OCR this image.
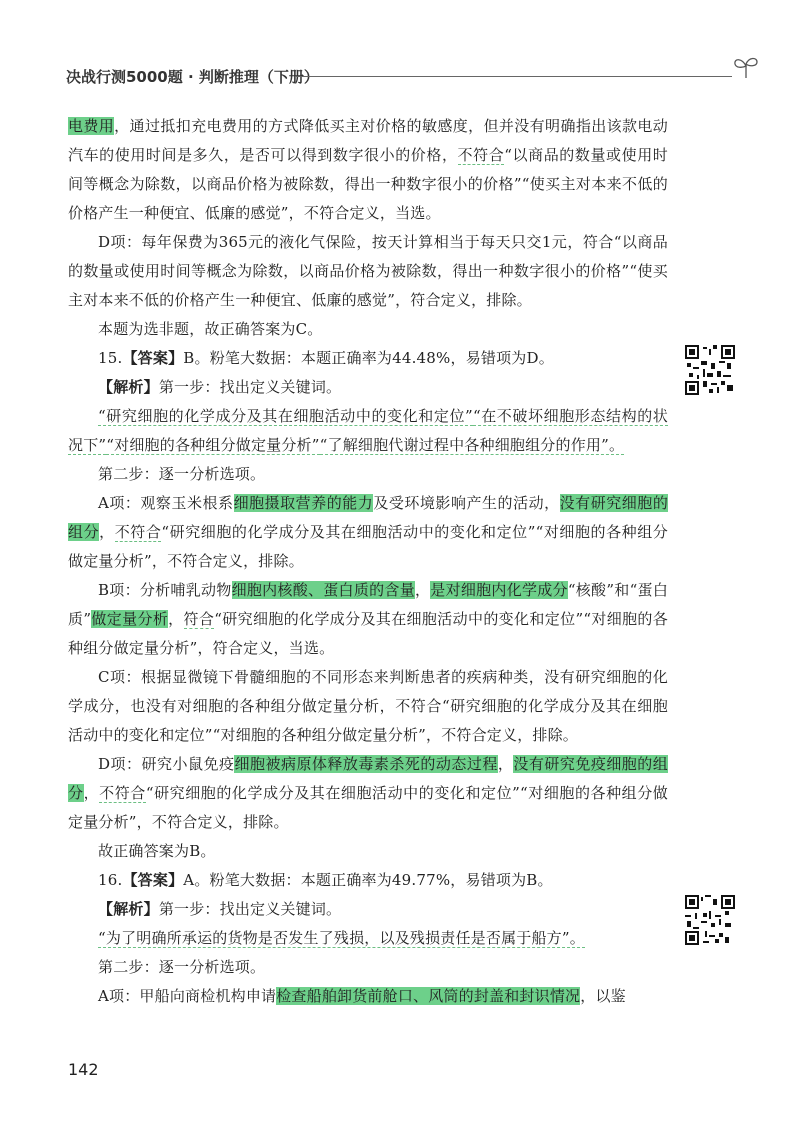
决战行测5000题 · 判断推理（下册）

电费用，通过抵扣充电费用的方式降低买主对价格的敏感度，但并没有明确指出该款电动汽车的使用时间是多久，是否可以得到数字很小的价格，不符合“以商品的数量或使用时间等概念为除数，以商品价格为被除数，得出一种数字很小的价格”“使买主对本来不低的价格产生一种便宜、低廉的感觉”，不符合定义，当选。

D项：每年保费为365元的液化气保险，按天计算相当于每天只交1元，符合“以商品的数量或使用时间等概念为除数，以商品价格为被除数，得出一种数字很小的价格”“使买主对本来不低的价格产生一种便宜、低廉的感觉”，符合定义，排除。

本题为选非题，故正确答案为C。

15.【答案】B。粉笔大数据：本题正确率为44.48%，易错项为D。

【解析】第一步：找出定义关键词。

“研究细胞的化学成分及其在细胞活动中的变化和定位”“在不破坏细胞形态结构的状况下”“对细胞的各种组分做定量分析”“了解细胞代谢过程中各种细胞组分的作用”。

第二步：逐一分析选项。

A项：观察玉米根系细胞摄取营养的能力及受环境影响产生的活动，没有研究细胞的组分，不符合“研究细胞的化学成分及其在细胞活动中的变化和定位”“对细胞的各种组分做定量分析”，不符合定义，排除。

B项：分析哺乳动物细胞内核酸、蛋白质的含量，是对细胞内化学成分“核酸”和“蛋白质”做定量分析，符合“研究细胞的化学成分及其在细胞活动中的变化和定位”“对细胞的各种组分做定量分析”，符合定义，当选。

C项：根据显微镜下骨髓细胞的不同形态来判断患者的疾病种类，没有研究细胞的化学成分，也没有对细胞的各种组分做定量分析，不符合“研究细胞的化学成分及其在细胞活动中的变化和定位”“对细胞的各种组分做定量分析”，不符合定义，排除。

D项：研究小鼠免疫细胞被病原体释放毒素杀死的动态过程，没有研究免疫细胞的组分，不符合“研究细胞的化学成分及其在细胞活动中的变化和定位”“对细胞的各种组分做定量分析”，不符合定义，排除。

故正确答案为B。

16.【答案】A。粉笔大数据：本题正确率为49.77%，易错项为B。

【解析】第一步：找出定义关键词。

“为了明确所承运的货物是否发生了残损，以及残损责任是否属于船方”。

第二步：逐一分析选项。

A项：甲船向商检机构申请检查船舶卸货前舱口、风筒的封盖和封识情况，以鉴

142
